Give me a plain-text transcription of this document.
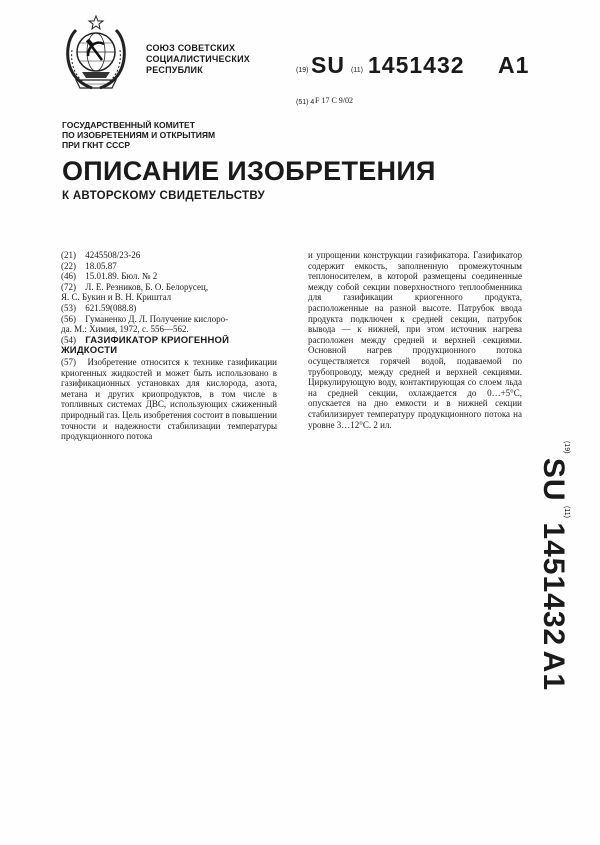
СОЮЗ СОВЕТСКИХ
СОЦИАЛИСТИЧЕСКИХ
РЕСПУБЛИК	(19) SU (11) 1451432 A1
(51) 4 F 17 C 9/02
ГОСУДАРСТВЕННЫЙ КОМИТЕТ
ПО ИЗОБРЕТЕНИЯМ И ОТКРЫТИЯМ
ПРИ ГКНТ СССР
ОПИСАНИЕ ИЗОБРЕТЕНИЯ
К АВТОРСКОМУ СВИДЕТЕЛЬСТВУ
(21) 4245508/23-26
(22) 18.05.87
(46) 15.01.89. Бюл. № 2
(72) Л. Е. Резников, Б. О. Белорусец,
Я. С. Букин и В. Н. Криштал
(53) 621.59(088.8)
(56) Гуманенко Д. Л. Получение кислоро-
да. М.: Химия, 1972, с. 556—562.
(54) ГАЗИФИКАТОР КРИОГЕННОЙ
ЖИДКОСТИ
(57) Изобретение относится к технике газификации криогенных жидкостей и может быть использовано в газификационных установках для кислорода, азота, метана и других криопродуктов, в том числе в топливных системах ДВС, использующих сжиженный природный газ. Цель изобретения состоит в повышении точности и надежности стабилизации температуры продукционного потока
и упрощении конструкции газификатора. Газификатор содержит емкость, заполненную промежуточным теплоносителем, в которой размещены соединенные между собой секции поверхностного теплообменника для газификации криогенного продукта, расположенные на разной высоте. Патрубок ввода продукта подключен к средней секции, патрубок вывода — к нижней, при этом источник нагрева расположен между средней и верхней секциями. Основной нагрев продукционного потока осуществляется горячей водой, подаваемой по трубопроводу, между средней и верхней секциями. Циркулирующую воду, контактирующая со слоем льда на средней секции, охлаждается до 0…+5°С, опускается на дно емкости и в нижней секции стабилизирует температуру продукционного потока на уровне 3…12°С. 2 ил.
$^{(19)}$ SU $^{(11)}$ 1451432 A1
